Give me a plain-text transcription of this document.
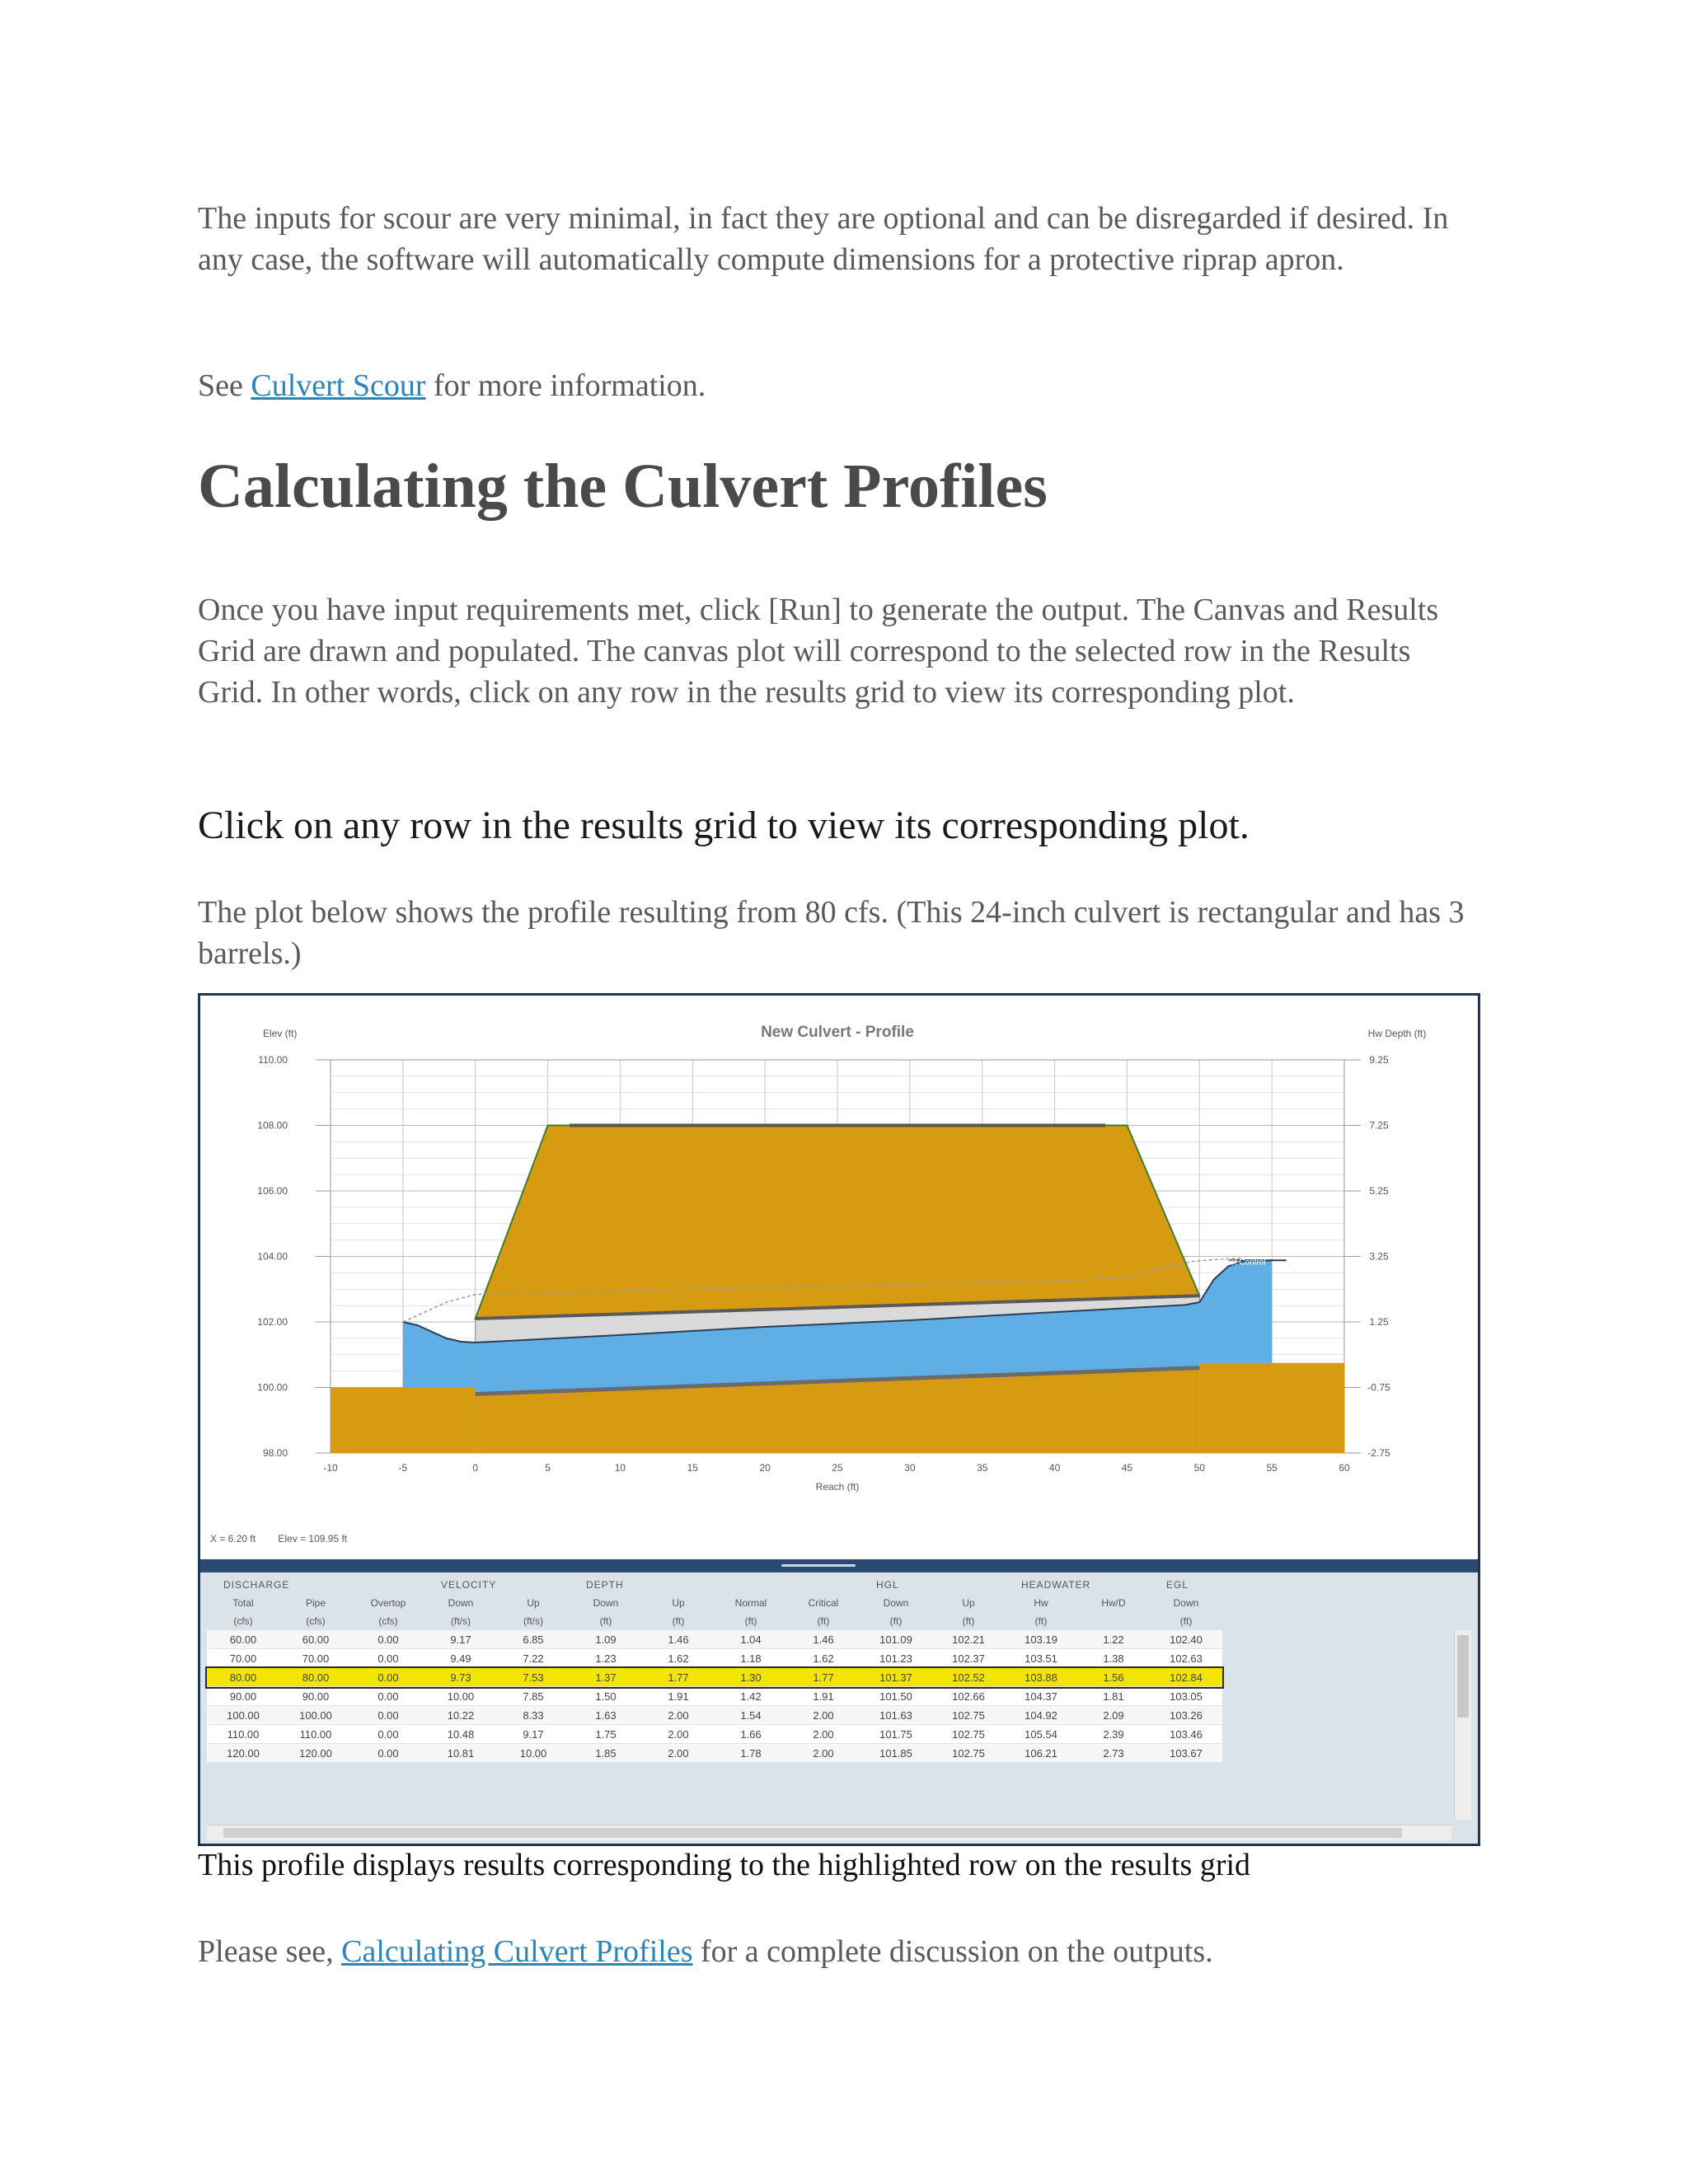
The inputs for scour are very minimal, in fact they are optional and can be disregarded if desired. In any case, the software will automatically compute dimensions for a protective riprap apron.

See Culvert Scour for more information.

Calculating the Culvert Profiles

Once you have input requirements met, click [Run] to generate the output. The Canvas and Results Grid are drawn and populated. The canvas plot will correspond to the selected row in the Results Grid. In other words, click on any row in the results grid to view its corresponding plot.

Click on any row in the results grid to view its corresponding plot.

The plot below shows the profile resulting from 80 cfs. (This 24-inch culvert is rectangular and has 3 barrels.)

Inlet Control
New Culvert - Profile
Elev (ft)	Hw Depth (ft)
Reach (ft)
98.00
100.00
102.00
104.00
106.00
108.00
110.00
-2.75
-0.75
1.25
3.25
5.25
7.25
9.25
-10	-5	0	5	10	15	20	25	30	35	40	45	50	55	60
X = 6.20 ft Elev = 109.95 ft
DISCHARGE			VELOCITY		DEPTH				HGL		HEADWATER		EGL
Total	Pipe	Overtop	Down	Up	Down	Up	Normal	Critical	Down	Up	Hw	Hw/D	Down
(cfs)	(cfs)	(cfs)	(ft/s)	(ft/s)	(ft)	(ft)	(ft)	(ft)	(ft)	(ft)	(ft)		(ft)
60.00	60.00	0.00	9.17	6.85	1.09	1.46	1.04	1.46	101.09	102.21	103.19	1.22	102.40
70.00	70.00	0.00	9.49	7.22	1.23	1.62	1.18	1.62	101.23	102.37	103.51	1.38	102.63
80.00	80.00	0.00	9.73	7.53	1.37	1.77	1.30	1.77	101.37	102.52	103.88	1.56	102.84
90.00	90.00	0.00	10.00	7.85	1.50	1.91	1.42	1.91	101.50	102.66	104.37	1.81	103.05
100.00	100.00	0.00	10.22	8.33	1.63	2.00	1.54	2.00	101.63	102.75	104.92	2.09	103.26
110.00	110.00	0.00	10.48	9.17	1.75	2.00	1.66	2.00	101.75	102.75	105.54	2.39	103.46
120.00	120.00	0.00	10.81	10.00	1.85	2.00	1.78	2.00	101.85	102.75	106.21	2.73	103.67

This profile displays results corresponding to the highlighted row on the results grid

Please see, Calculating Culvert Profiles for a complete discussion on the outputs.
